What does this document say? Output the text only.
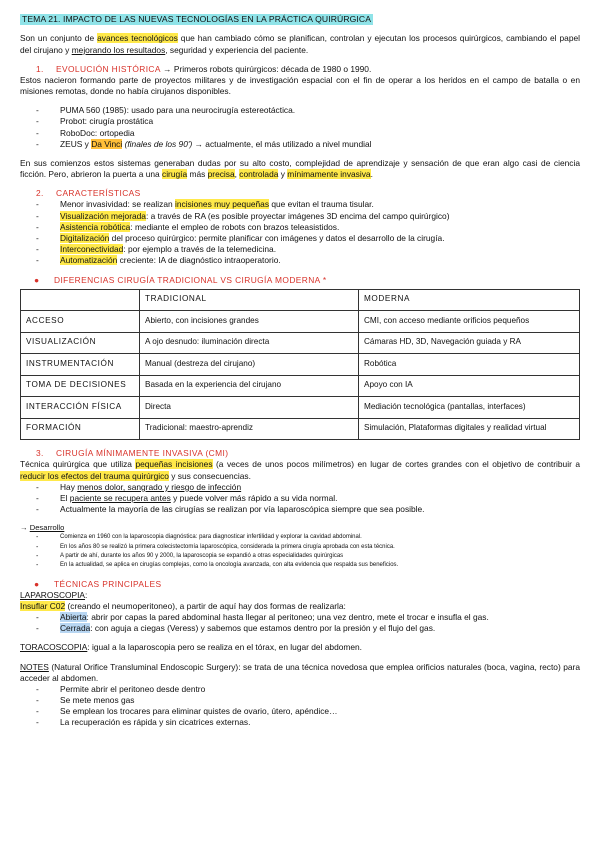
TEMA 21. IMPACTO DE LAS NUEVAS TECNOLOGÍAS EN LA PRÁCTICA QUIRÚRGICA

Son un conjunto de avances tecnológicos que han cambiado cómo se planifican, controlan y ejecutan los procesos quirúrgicos, cambiando el papel del cirujano y mejorando los resultados, seguridad y experiencia del paciente.

1. EVOLUCIÓN HISTÓRICA → Primeros robots quirúrgicos: década de 1980 o 1990.

Estos nacieron formando parte de proyectos militares y de investigación espacial con el fin de operar a los heridos en el campo de batalla o en misiones remotas, donde no había cirujanos disponibles.

- PUMA 560 (1985): usado para una neurocirugía estereotáctica.
- Probot: cirugía prostática
- RoboDoc: ortopedia
- ZEUS y Da Vinci (finales de los 90') → actualmente, el más utilizado a nivel mundial

En sus comienzos estos sistemas generaban dudas por su alto costo, complejidad de aprendizaje y sensación de que eran algo casi de ciencia ficción. Pero, abrieron la puerta a una cirugía más precisa, controlada y mínimamente invasiva.

2. CARACTERÍSTICAS
- Menor invasividad: se realizan incisiones muy pequeñas que evitan el trauma tisular.
- Visualización mejorada: a través de RA (es posible proyectar imágenes 3D encima del campo quirúrgico)
- Asistencia robótica: mediante el empleo de robots con brazos teleasistidos.
- Digitalización del proceso quirúrgico: permite planificar con imágenes y datos el desarrollo de la cirugía.
- Interconectividad: por ejemplo a través de la telemedicina.
- Automatización creciente: IA de diagnóstico intraoperatorio.
● DIFERENCIAS CIRUGÍA TRADICIONAL VS CIRUGÍA MODERNA *
	TRADICIONAL	MODERNA
ACCESO	Abierto, con incisiones grandes	CMI, con acceso mediante orificios pequeños
VISUALIZACIÓN	A ojo desnudo: iluminación directa	Cámaras HD, 3D, Navegación guiada y RA
INSTRUMENTACIÓN	Manual (destreza del cirujano)	Robótica
TOMA DE DECISIONES	Basada en la experiencia del cirujano	Apoyo con IA
INTERACCIÓN FÍSICA	Directa	Mediación tecnológica (pantallas, interfaces)
FORMACIÓN	Tradicional: maestro-aprendiz	Simulación, Plataformas digitales y realidad virtual
3. CIRUGÍA MÍNIMAMENTE INVASIVA (CMI)

Técnica quirúrgica que utiliza pequeñas incisiones (a veces de unos pocos milímetros) en lugar de cortes grandes con el objetivo de contribuir a reducir los efectos del trauma quirúrgico y sus consecuencias.

- Hay menos dolor, sangrado y riesgo de infección
- El paciente se recupera antes y puede volver más rápido a su vida normal.
- Actualmente la mayoría de las cirugías se realizan por vía laparoscópica siempre que sea posible.
→ Desarrollo
- Comienza en 1960 con la laparoscopia diagnóstica: para diagnosticar infertilidad y explorar la cavidad abdominal.
- En los años 80 se realizó la primera colecistectomía laparoscópica, considerada la primera cirugía aprobada con esta técnica.
- A partir de ahí, durante los años 90 y 2000, la laparoscopia se expandió a otras especialidades quirúrgicas
- En la actualidad, se aplica en cirugías complejas, como la oncología avanzada, con alta evidencia que respalda sus beneficios.
● TÉCNICAS PRINCIPALES
LAPAROSCOPIA:

Insuflar C02 (creando el neumoperitoneo), a partir de aquí hay dos formas de realizarla:

- Abierta: abrir por capas la pared abdominal hasta llegar al peritoneo; una vez dentro, mete el trocar e insufla el gas.
- Cerrada: con aguja a ciegas (Veress) y sabemos que estamos dentro por la presión y el flujo del gas.

TORACOSCOPIA: igual a la laparoscopia pero se realiza en el tórax, en lugar del abdomen.

NOTES (Natural Orifice Transluminal Endoscopic Surgery): se trata de una técnica novedosa que emplea orificios naturales (boca, vagina, recto) para acceder al abdomen.

- Permite abrir el peritoneo desde dentro
- Se mete menos gas
- Se emplean los trocares para eliminar quistes de ovario, útero, apéndice…
- La recuperación es rápida y sin cicatrices externas.
